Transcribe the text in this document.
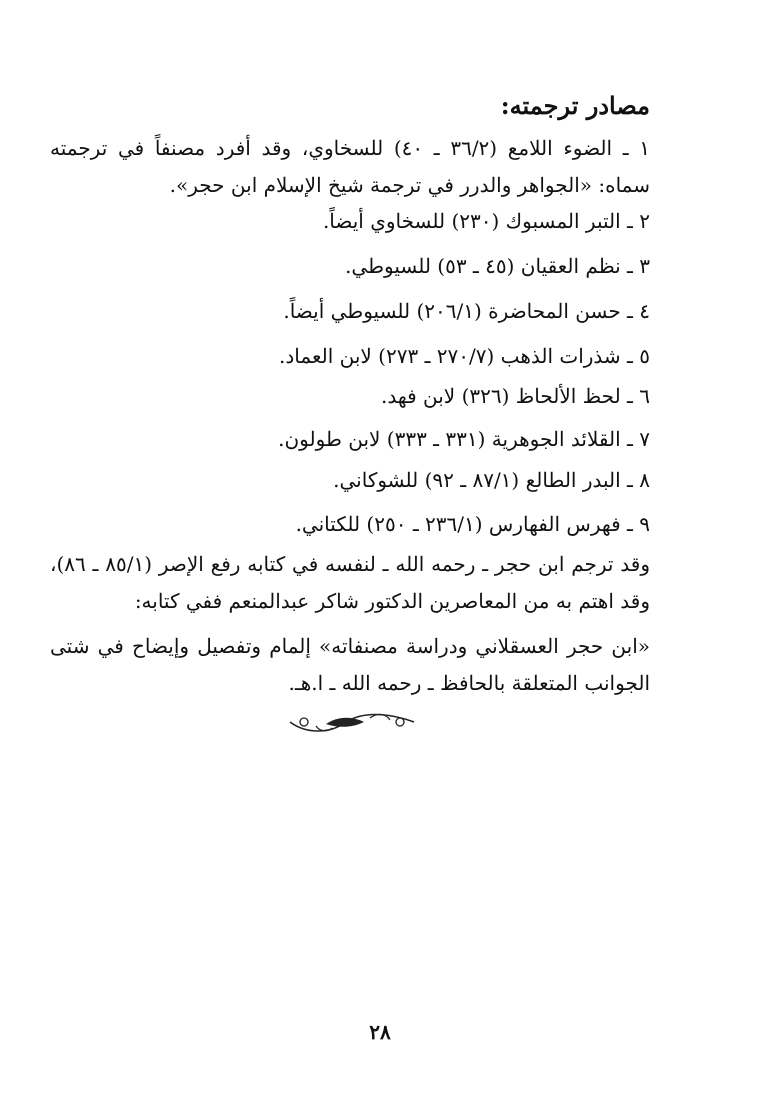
مصادر ترجمته:

١ ـ الضوء اللامع (٣٦/٢ ـ ٤٠) للسخاوي، وقد أفرد مصنفاً في ترجمته سماه: «الجواهر والدرر في ترجمة شيخ الإسلام ابن حجر».

٢ ـ التبر المسبوك (٢٣٠) للسخاوي أيضاً.

٣ ـ نظم العقيان (٤٥ ـ ٥٣) للسيوطي.

٤ ـ حسن المحاضرة (٢٠٦/١) للسيوطي أيضاً.

٥ ـ شذرات الذهب (٢٧٠/٧ ـ ٢٧٣) لابن العماد.

٦ ـ لحظ الألحاظ (٣٢٦) لابن فهد.

٧ ـ القلائد الجوهرية (٣٣١ ـ ٣٣٣) لابن طولون.

٨ ـ البدر الطالع (٨٧/١ ـ ٩٢) للشوكاني.

٩ ـ فهرس الفهارس (٢٣٦/١ ـ ٢٥٠) للكتاني.

وقد ترجم ابن حجر ـ رحمه الله ـ لنفسه في كتابه رفع الإصر (٨٥/١ ـ ٨٦)، وقد اهتم به من المعاصرين الدكتور شاكر عبدالمنعم ففي كتابه:

«ابن حجر العسقلاني ودراسة مصنفاته» إلمام وتفصيل وإيضاح في شتى الجوانب المتعلقة بالحافظ ـ رحمه الله ـ ا.هـ.

٢٨
